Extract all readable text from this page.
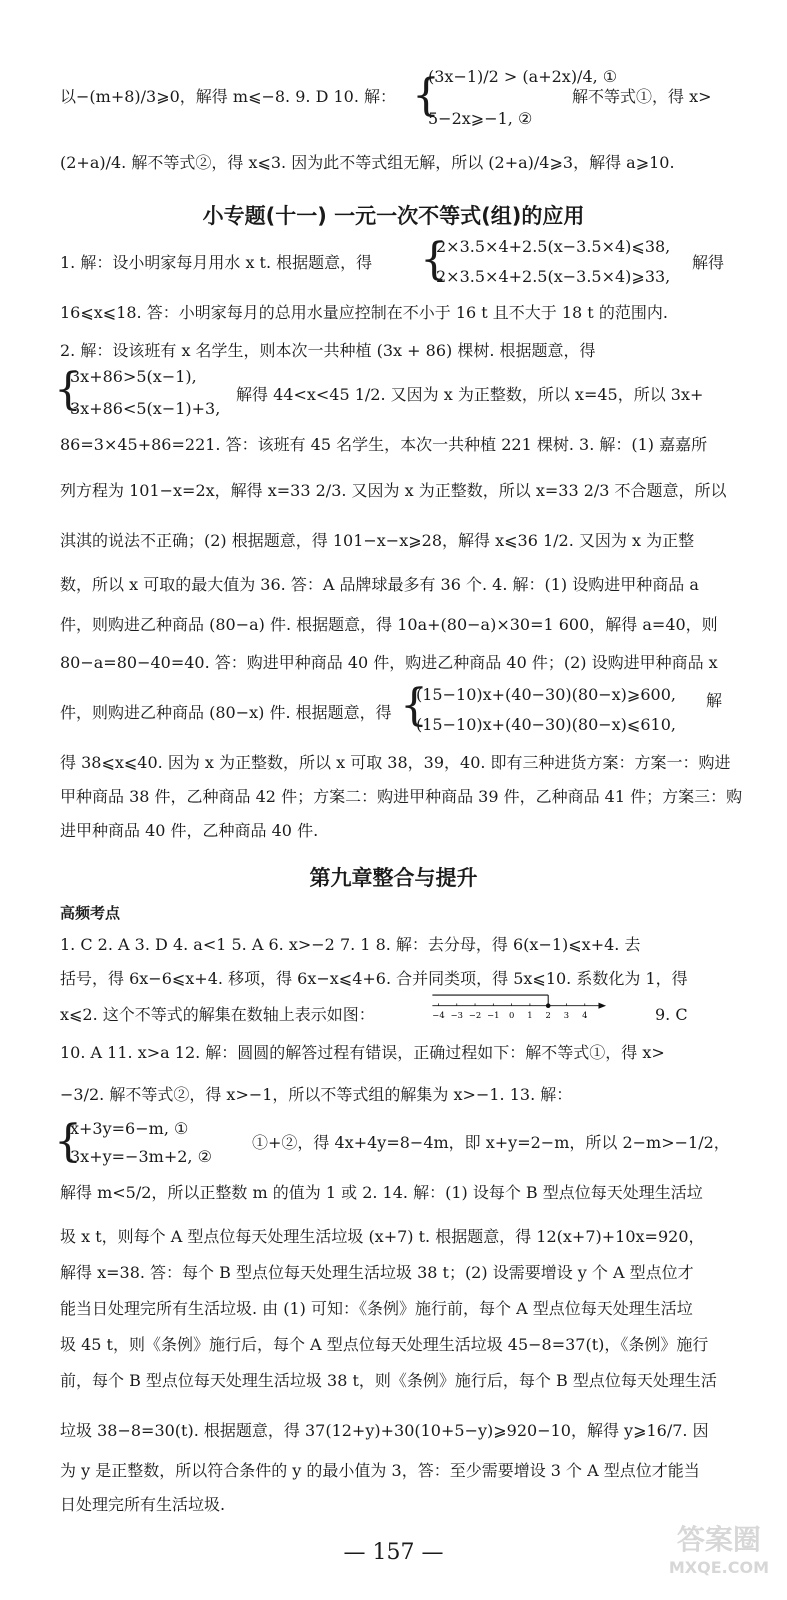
以−(m+8)/3⩾0，解得 m⩽−8. 9. D 10. 解： {
(3x−1)/2 > (a+2x)/4, ①
5−2x⩾−1, ②
解不等式①，得 x>
(2+a)/4. 解不等式②，得 x⩽3. 因为此不等式组无解，所以 (2+a)/4⩾3，解得 a⩾10.
小专题(十一) 一元一次不等式(组)的应用
1. 解：设小明家每月用水 x t. 根据题意，得	{
2×3.5×4+2.5(x−3.5×4)⩽38,
2×3.5×4+2.5(x−3.5×4)⩾33,
解得
16⩽x⩽18. 答：小明家每月的总用水量应控制在不小于 16 t 且不大于 18 t 的范围内.
2. 解：设该班有 x 名学生，则本次一共种植 (3x + 86) 棵树. 根据题意，得
{
3x+86>5(x−1),
3x+86<5(x−1)+3,
解得 44<x<45 1/2. 又因为 x 为正整数，所以 x=45，所以 3x+
86=3×45+86=221. 答：该班有 45 名学生，本次一共种植 221 棵树. 3. 解：(1) 嘉嘉所
列方程为 101−x=2x，解得 x=33 2/3. 又因为 x 为正整数，所以 x=33 2/3 不合题意，所以
淇淇的说法不正确；(2) 根据题意，得 101−x−x⩾28，解得 x⩽36 1/2. 又因为 x 为正整
数，所以 x 可取的最大值为 36. 答：A 品牌球最多有 36 个. 4. 解：(1) 设购进甲种商品 a
件，则购进乙种商品 (80−a) 件. 根据题意，得 10a+(80−a)×30=1 600，解得 a=40，则
80−a=80−40=40. 答：购进甲种商品 40 件，购进乙种商品 40 件；(2) 设购进甲种商品 x
件，则购进乙种商品 (80−x) 件. 根据题意，得 {
(15−10)x+(40−30)(80−x)⩾600,
(15−10)x+(40−30)(80−x)⩽610,
解
得 38⩽x⩽40. 因为 x 为正整数，所以 x 可取 38，39，40. 即有三种进货方案：方案一：购进
甲种商品 38 件，乙种商品 42 件；方案二：购进甲种商品 39 件，乙种商品 41 件；方案三：购
进甲种商品 40 件，乙种商品 40 件.
第九章整合与提升
高频考点
1. C 2. A 3. D 4. a<1 5. A 6. x>−2 7. 1 8. 解：去分母，得 6(x−1)⩽x+4. 去
括号，得 6x−6⩽x+4. 移项，得 6x−x⩽4+6. 合并同类项，得 5x⩽10. 系数化为 1，得
x⩽2. 这个不等式的解集在数轴上表示如图：	−4 −3 −2 −1 0 1 2 3 4	9. C
10. A 11. x>a 12. 解：圆圆的解答过程有错误，正确过程如下：解不等式①，得 x>
−3/2. 解不等式②，得 x>−1，所以不等式组的解集为 x>−1. 13. 解：
{
x+3y=6−m, ①
3x+y=−3m+2, ②
①+②，得 4x+4y=8−4m，即 x+y=2−m，所以 2−m>−1/2，
解得 m<5/2，所以正整数 m 的值为 1 或 2. 14. 解：(1) 设每个 B 型点位每天处理生活垃
圾 x t，则每个 A 型点位每天处理生活垃圾 (x+7) t. 根据题意，得 12(x+7)+10x=920，
解得 x=38. 答：每个 B 型点位每天处理生活垃圾 38 t；(2) 设需要增设 y 个 A 型点位才
能当日处理完所有生活垃圾. 由 (1) 可知：《条例》施行前，每个 A 型点位每天处理生活垃
圾 45 t，则《条例》施行后，每个 A 型点位每天处理生活垃圾 45−8=37(t)，《条例》施行
前，每个 B 型点位每天处理生活垃圾 38 t，则《条例》施行后，每个 B 型点位每天处理生活
垃圾 38−8=30(t). 根据题意，得 37(12+y)+30(10+5−y)⩾920−10，解得 y⩾16/7. 因
为 y 是正整数，所以符合条件的 y 的最小值为 3，答：至少需要增设 3 个 A 型点位才能当
日处理完所有生活垃圾.
— 157 —	答案圈
MXQE.COM
